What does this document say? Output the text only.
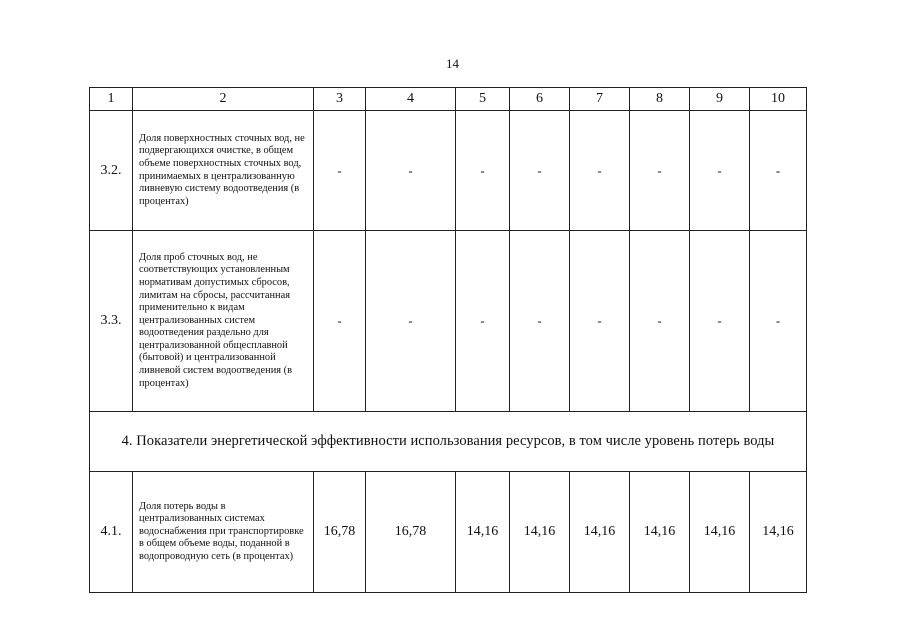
14
1	2	3	4	5	6	7	8	9	10
3.2.	Доля поверхностных сточных вод, не подвергающихся очистке, в общем объеме поверхностных сточных вод, принимаемых в централизованную ливневую систему водоотведения (в процентах)	-	-	-	-	-	-	-	-
3.3.	Доля проб сточных вод, не соответствующих установленным нормативам допустимых сбросов, лимитам на сбросы, рассчитанная применительно к видам централизованных систем водоотведения раздельно для централизованной общесплавной (бытовой) и централизованной ливневой систем водоотведения (в процентах)	-	-	-	-	-	-	-	-
4. Показатели энергетической эффективности использования ресурсов, в том числе уровень потерь воды									
4.1.	Доля потерь воды в централизованных системах водоснабжения при транспортировке в общем объеме воды, поданной в водопроводную сеть (в процентах)	16,78	16,78	14,16	14,16	14,16	14,16	14,16	14,16
